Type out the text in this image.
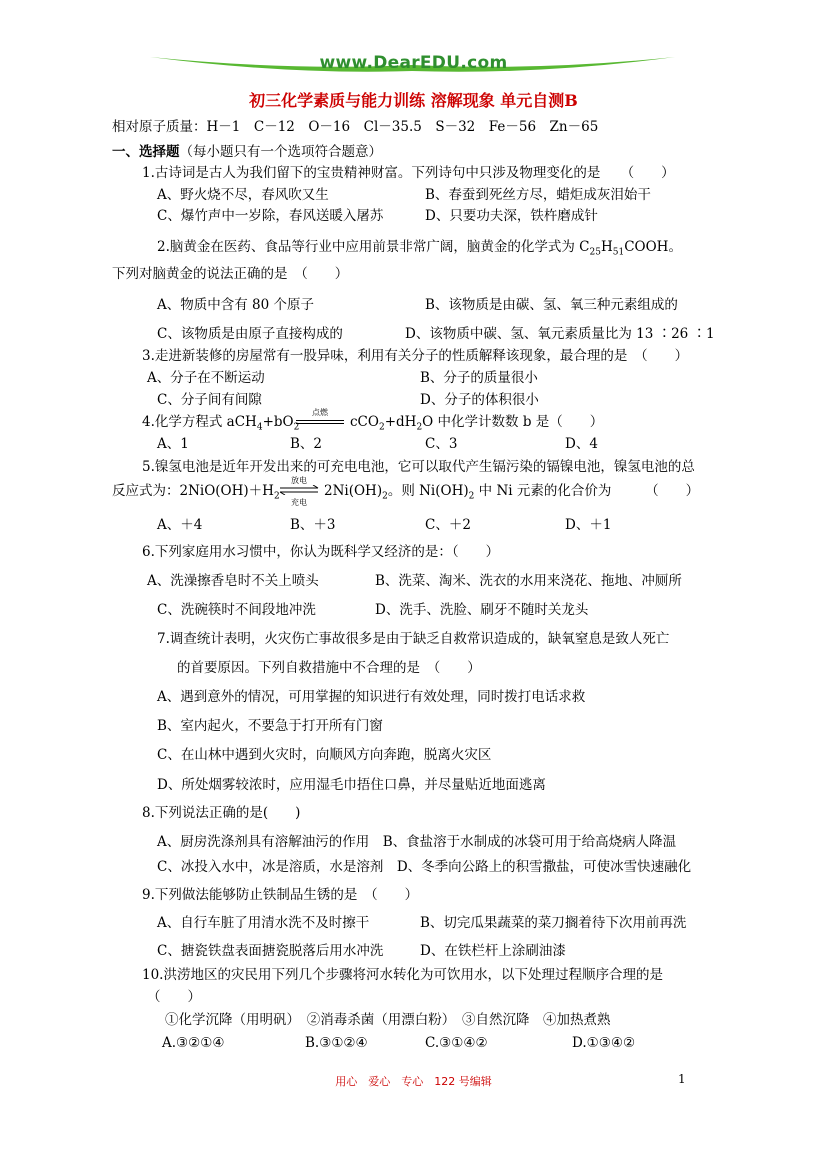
www.DearEDU.com
初三化学素质与能力训练 溶解现象 单元自测B
相对原子质量：H－1　C－12　O－16　Cl－35.5　S－32　Fe－56　Zn－65
一、选择题（每小题只有一个选项符合题意）
1.古诗词是古人为我们留下的宝贵精神财富。下列诗句中只涉及物理变化的是　　（　　）
A、野火烧不尽，春风吹又生	B、春蚕到死丝方尽，蜡炬成灰泪始干
C、爆竹声中一岁除，春风送暖入屠苏	D、只要功夫深，铁杵磨成针
2.脑黄金在医药、食品等行业中应用前景非常广阔，脑黄金的化学式为 $C_{25}H_{51}COOH$。
下列对脑黄金的说法正确的是　（　　）
A、物质中含有 80 个原子	B、该物质是由碳、氢、氧三种元素组成的
C、该物质是由原子直接构成的	D、该物质中碳、氢、氧元素质量比为 13 ∶26 ∶1
3.走进新装修的房屋常有一股异味，利用有关分子的性质解释该现象，最合理的是　（　　）
A、分子在不断运动	B、分子的质量很小
C、分子间有间隙	D、分子的体积很小
4.化学方程式 $aCH_4+bO_2$
点燃
$cCO_2+dH_2O$ 中化学计数数 b 是（　　）
A、1	B、2	C、3	D、4
5.镍氢电池是近年开发出来的可充电电池，它可以取代产生镉污染的镉镍电池，镍氢电池的总
反应式为：$2NiO(OH)+H_2$
放电
充电
$2Ni(OH)_2$。则 $Ni(OH)_2$ 中 Ni 元素的化合价为　　　（　　）
A、＋4	B、＋3	C、＋2	D、＋1
6.下列家庭用水习惯中，你认为既科学又经济的是：（　　）
A、洗澡擦香皂时不关上喷头	B、洗菜、淘米、洗衣的水用来浇花、拖地、冲厕所
C、洗碗筷时不间段地冲洗	D、洗手、洗脸、刷牙不随时关龙头
7.调查统计表明，火灾伤亡事故很多是由于缺乏自救常识造成的，缺氧窒息是致人死亡
的首要原因。下列自救措施中不合理的是　（　　）
A、遇到意外的情况，可用掌握的知识进行有效处理，同时拨打电话求救
B、室内起火，不要急于打开所有门窗
C、在山林中遇到火灾时，向顺风方向奔跑，脱离火灾区
D、所处烟雾较浓时，应用湿毛巾捂住口鼻，并尽量贴近地面逃离
8.下列说法正确的是(　　)
A、厨房洗涤剂具有溶解油污的作用　B、食盐溶于水制成的冰袋可用于给高烧病人降温
C、冰投入水中，冰是溶质，水是溶剂　D、冬季向公路上的积雪撒盐，可使冰雪快速融化
9.下列做法能够防止铁制品生锈的是　（　　）
A、自行车脏了用清水洗不及时擦干	B、切完瓜果蔬菜的菜刀搁着待下次用前再洗
C、搪瓷铁盘表面搪瓷脱落后用水冲洗	D、在铁栏杆上涂刷油漆
10.洪涝地区的灾民用下列几个步骤将河水转化为可饮用水，以下处理过程顺序合理的是
（　　）
①化学沉降（用明矾）　②消毒杀菌（用漂白粉）　③自然沉降　④加热煮熟
A.③②①④	B.③①②④	C.③①④②	D.①③④②
用心　爱心　专心　122 号编辑	1
